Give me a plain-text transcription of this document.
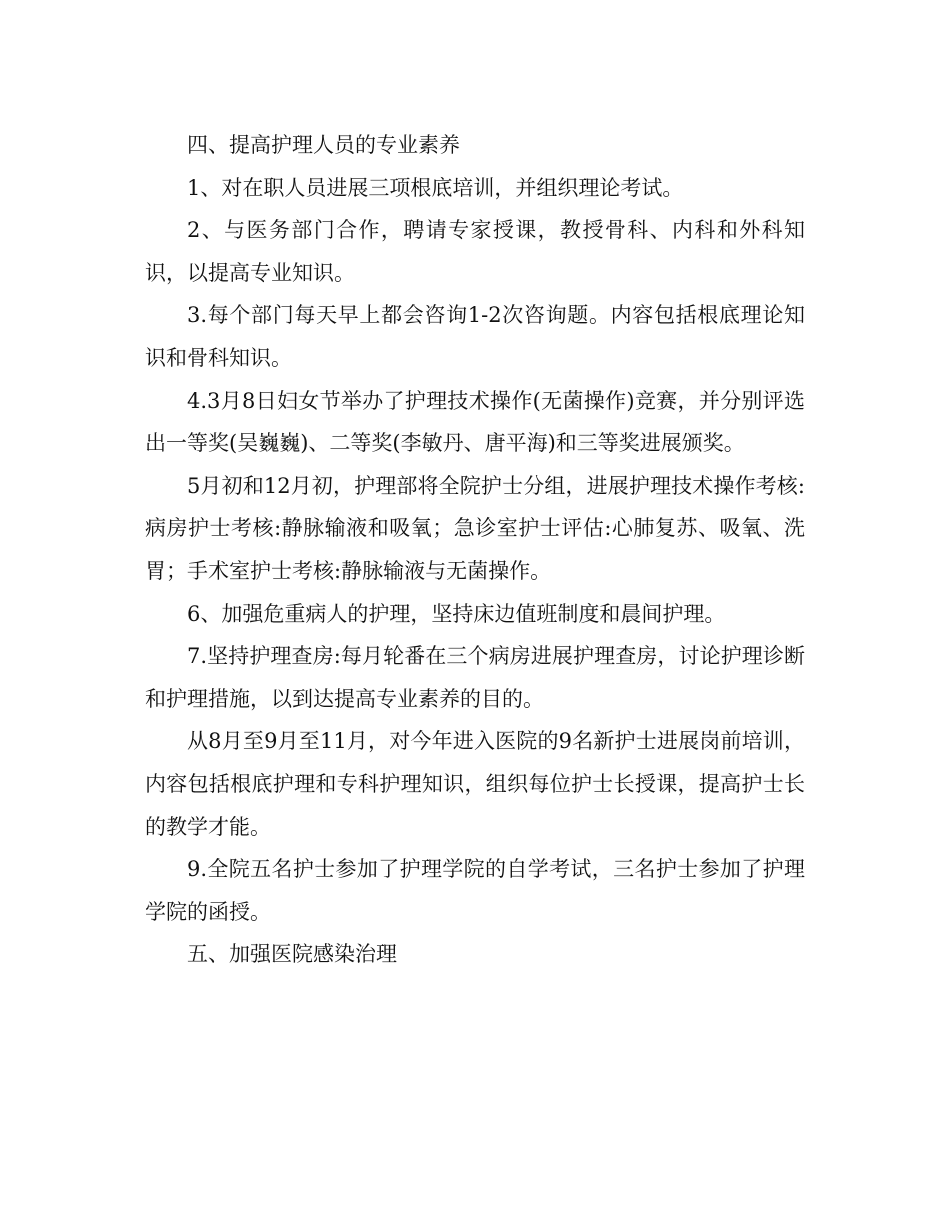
四、提高护理人员的专业素养

1、对在职人员进展三项根底培训，并组织理论考试。

2、与医务部门合作，聘请专家授课，教授骨科、内科和外科知识，以提高专业知识。

3.每个部门每天早上都会咨询1-2次咨询题。内容包括根底理论知识和骨科知识。

4.3月8日妇女节举办了护理技术操作(无菌操作)竞赛，并分别评选出一等奖(吴巍巍)、二等奖(李敏丹、唐平海)和三等奖进展颁奖。

5月初和12月初，护理部将全院护士分组，进展护理技术操作考核:病房护士考核:静脉输液和吸氧；急诊室护士评估:心肺复苏、吸氧、洗胃；手术室护士考核:静脉输液与无菌操作。

6、加强危重病人的护理，坚持床边值班制度和晨间护理。

7.坚持护理查房:每月轮番在三个病房进展护理查房，讨论护理诊断和护理措施，以到达提高专业素养的目的。

从8月至9月至11月，对今年进入医院的9名新护士进展岗前培训，内容包括根底护理和专科护理知识，组织每位护士长授课，提高护士长的教学才能。

9.全院五名护士参加了护理学院的自学考试，三名护士参加了护理学院的函授。

五、加强医院感染治理
